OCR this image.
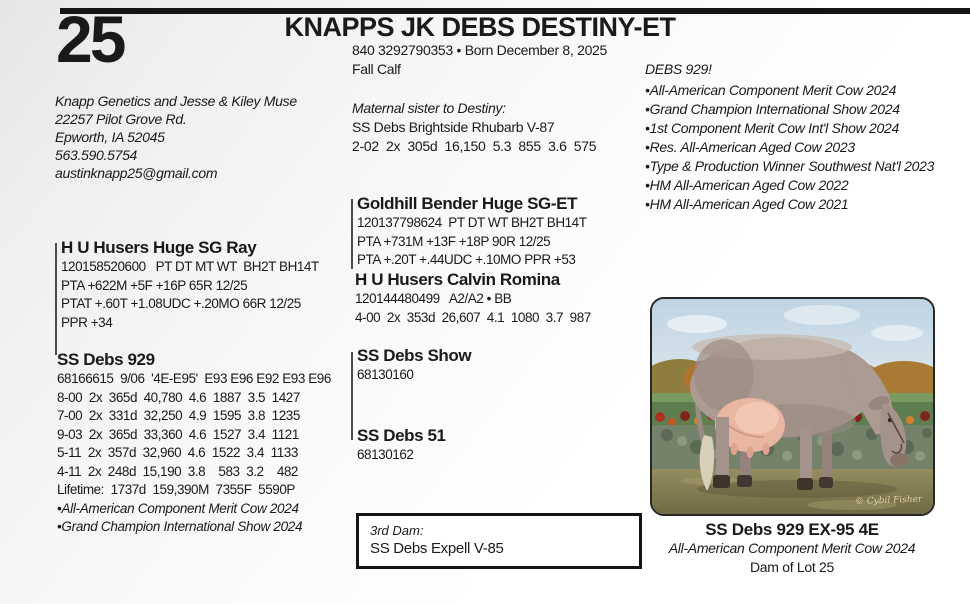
25	KNAPPS JK DEBS DESTINY-ET
Knapp Genetics and Jesse & Kiley Muse
22257 Pilot Grove Rd.
Epworth, IA 52045
563.590.5754
austinknapp25@gmail.com
840 3292790353 • Born December 8, 2025
Fall Calf
Maternal sister to Destiny:
SS Debs Brightside Rhubarb V-87
2-02  2x  305d  16,150  5.3  855  3.6  575
DEBS 929!
•All-American Component Merit Cow 2024
•Grand Champion International Show 2024
•1st Component Merit Cow Int'l Show 2024
•Res. All-American Aged Cow 2023
•Type & Production Winner Southwest Nat'l 2023
•HM All-American Aged Cow 2022
•HM All-American Aged Cow 2021
H U Husers Huge SG Ray
120158520600   PT DT MT WT  BH2T BH14T
PTA +622M +5F +16P 65R 12/25
PTAT +.60T +1.08UDC +.20MO 66R 12/25
PPR +34
SS Debs 929
68166615  9/06  '4E-E95'  E93 E96 E92 E93 E96
8-00  2x  365d  40,780  4.6  1887  3.5  1427
7-00  2x  331d  32,250  4.9  1595  3.8  1235
9-03  2x  365d  33,360  4.6  1527  3.4  1121
5-11  2x  357d  32,960  4.6  1522  3.4  1133
4-11  2x  248d  15,190  3.8    583  3.2    482
Lifetime:  1737d  159,390M  7355F  5590P
•All-American Component Merit Cow 2024
•Grand Champion International Show 2024
Goldhill Bender Huge SG-ET
120137798624  PT DT WT BH2T BH14T
PTA +731M +13F +18P 90R 12/25
PTA +.20T +.44UDC +.10MO PPR +53
H U Husers Calvin Romina
120144480499   A2/A2 • BB
4-00  2x  353d  26,607  4.1  1080  3.7  987
SS Debs Show
68130160
SS Debs 51
68130162
3rd Dam:
SS Debs Expell V-85
© Cybil Fisher
SS Debs 929 EX-95 4E
All-American Component Merit Cow 2024
Dam of Lot 25
